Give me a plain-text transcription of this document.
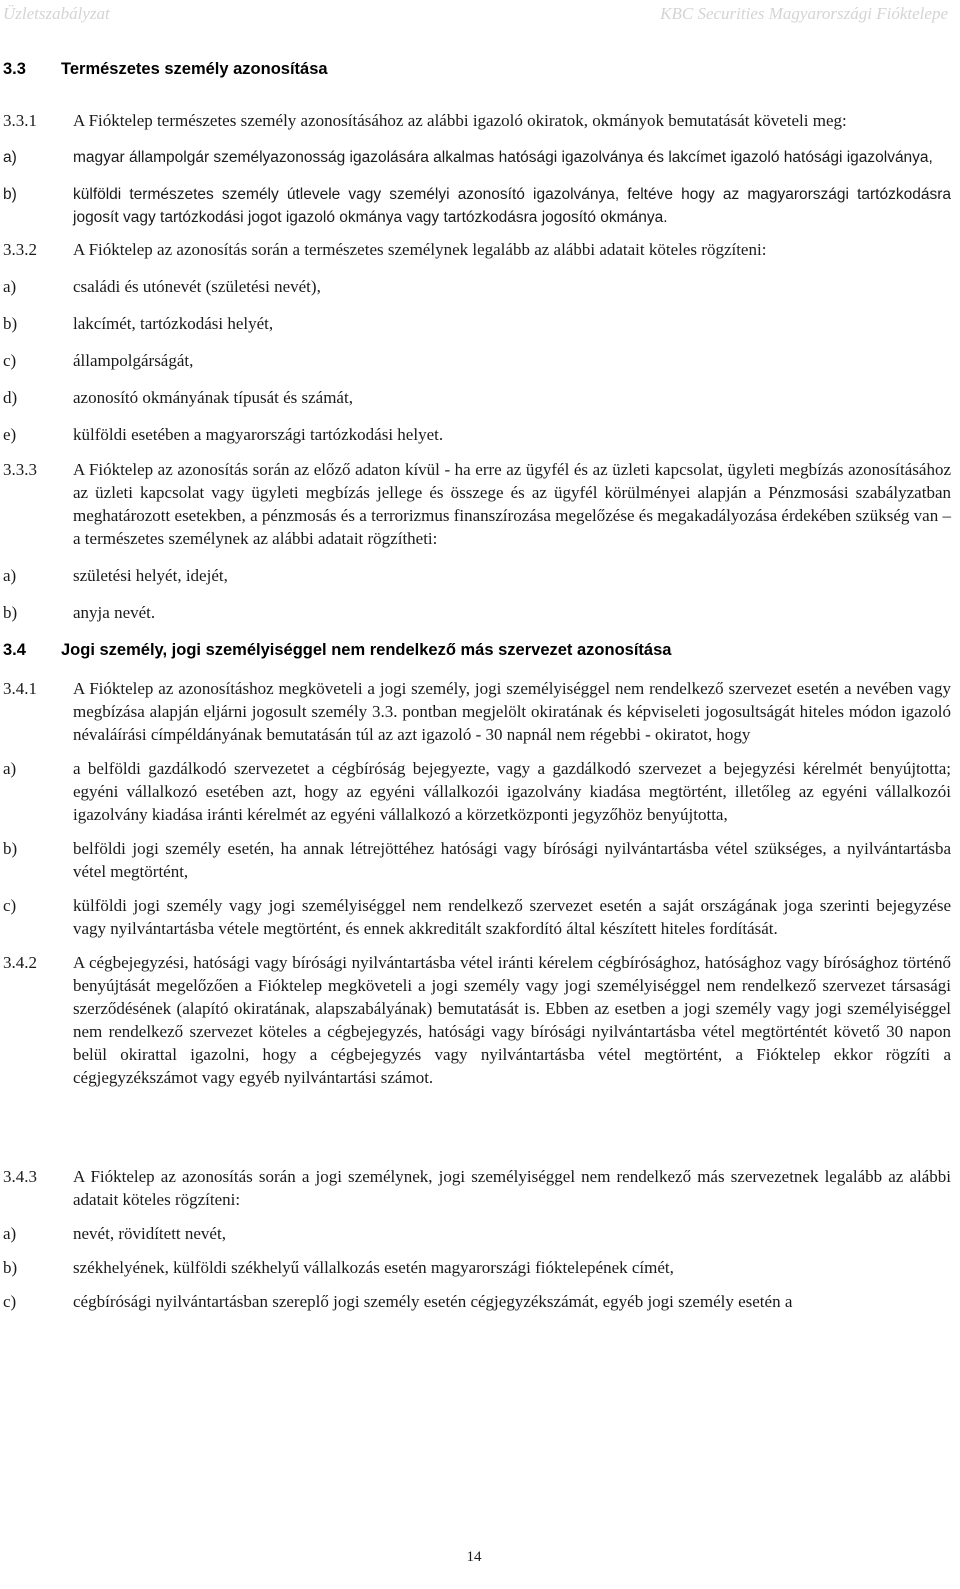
Üzletszabályzat	KBC Securities Magyarországi Fióktelepe
3.3	Természetes személy azonosítása
3.3.1	A Fióktelep természetes személy azonosításához az alábbi igazoló okiratok, okmányok bemutatását követeli meg:
a)	magyar állampolgár személyazonosság igazolására alkalmas hatósági igazolványa és lakcímet igazoló hatósági igazolványa,
b)	külföldi természetes személy útlevele vagy személyi azonosító igazolványa, feltéve hogy az magyarországi tartózkodásra jogosít vagy tartózkodási jogot igazoló okmánya vagy tartózkodásra jogosító okmánya.
3.3.2	A Fióktelep az azonosítás során a természetes személynek legalább az alábbi adatait köteles rögzíteni:
a)	családi és utónevét (születési nevét),
b)	lakcímét, tartózkodási helyét,
c)	állampolgárságát,
d)	azonosító okmányának típusát és számát,
e)	külföldi esetében a magyarországi tartózkodási helyet.
3.3.3	A Fióktelep az azonosítás során az előző adaton kívül - ha erre az ügyfél és az üzleti kapcsolat, ügyleti megbízás azonosításához az üzleti kapcsolat vagy ügyleti megbízás jellege és összege és az ügyfél körülményei alapján a Pénzmosási szabályzatban meghatározott esetekben, a pénzmosás és a terrorizmus finanszírozása megelőzése és megakadályozása érdekében szükség van – a természetes személynek az alábbi adatait rögzítheti:
a)	születési helyét, idejét,
b)	anyja nevét.
3.4	Jogi személy, jogi személyiséggel nem rendelkező más szervezet azonosítása
3.4.1	A Fióktelep az azonosításhoz megköveteli a jogi személy, jogi személyiséggel nem rendelkező szervezet esetén a nevében vagy megbízása alapján eljárni jogosult személy 3.3. pontban megjelölt okiratának és képviseleti jogosultságát hiteles módon igazoló névaláírási címpéldányának bemutatásán túl az azt igazoló - 30 napnál nem régebbi - okiratot, hogy
a)	a belföldi gazdálkodó szervezetet a cégbíróság bejegyezte, vagy a gazdálkodó szervezet a bejegyzési kérelmét benyújtotta; egyéni vállalkozó esetében azt, hogy az egyéni vállalkozói igazolvány kiadása megtörtént, illetőleg az egyéni vállalkozói igazolvány kiadása iránti kérelmét az egyéni vállalkozó a körzetközponti jegyzőhöz benyújtotta,
b)	belföldi jogi személy esetén, ha annak létrejöttéhez hatósági vagy bírósági nyilvántartásba vétel szükséges, a nyilvántartásba vétel megtörtént,
c)	külföldi jogi személy vagy jogi személyiséggel nem rendelkező szervezet esetén a saját országának joga szerinti bejegyzése vagy nyilvántartásba vétele megtörtént, és ennek akkreditált szakfordító által készített hiteles fordítását.
3.4.2	A cégbejegyzési, hatósági vagy bírósági nyilvántartásba vétel iránti kérelem cégbírósághoz, hatósághoz vagy bírósághoz történő benyújtását megelőzően a Fióktelep megköveteli a jogi személy vagy jogi személyiséggel nem rendelkező szervezet társasági szerződésének (alapító okiratának, alapszabályának) bemutatását is. Ebben az esetben a jogi személy vagy jogi személyiséggel nem rendelkező szervezet köteles a cégbejegyzés, hatósági vagy bírósági nyilvántartásba vétel megtörténtét követő 30 napon belül okirattal igazolni, hogy a cégbejegyzés vagy nyilvántartásba vétel megtörtént, a Fióktelep ekkor rögzíti a cégjegyzékszámot vagy egyéb nyilvántartási számot.
3.4.3	A Fióktelep az azonosítás során a jogi személynek, jogi személyiséggel nem rendelkező más szervezetnek legalább az alábbi adatait köteles rögzíteni:
a)	nevét, rövidített nevét,
b)	székhelyének, külföldi székhelyű vállalkozás esetén magyarországi fióktelepének címét,
c)	cégbírósági nyilvántartásban szereplő jogi személy esetén cégjegyzékszámát, egyéb jogi személy esetén a
14
